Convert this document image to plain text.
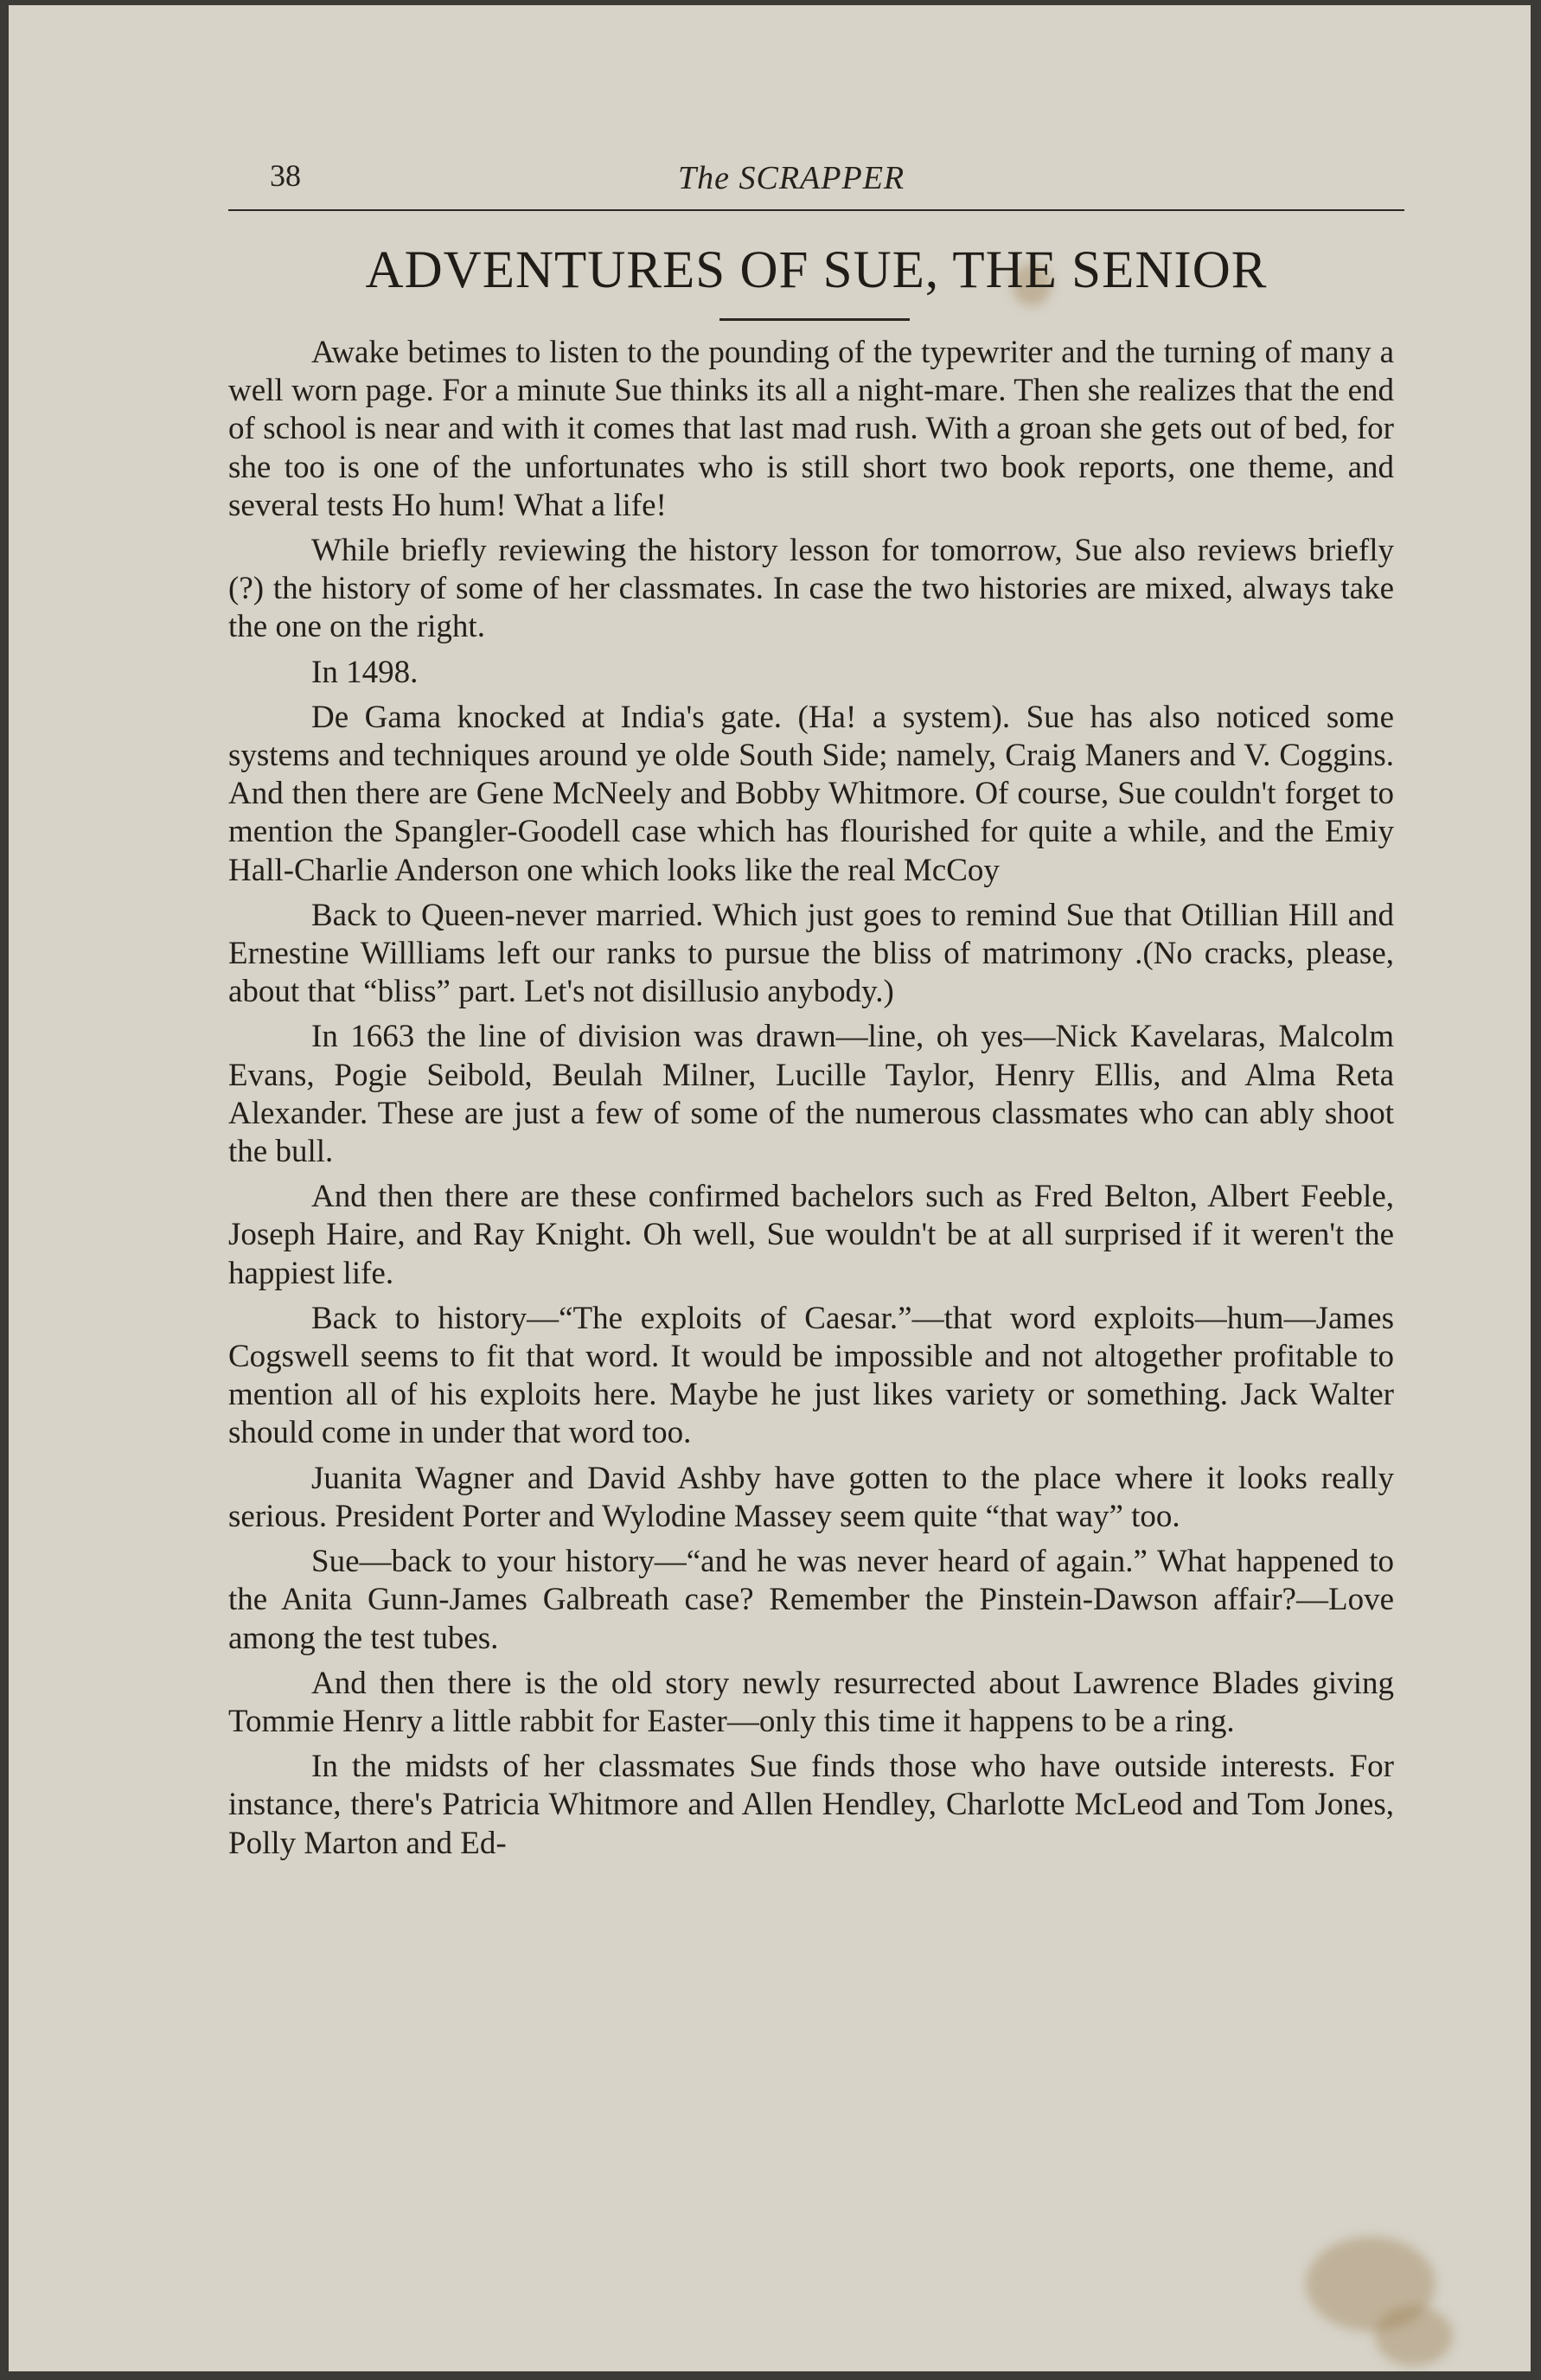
38	The SCRAPPER
ADVENTURES OF SUE, THE SENIOR

Awake betimes to listen to the pounding of the typewriter and the turning of many a well worn page. For a minute Sue thinks its all a night-mare. Then she realizes that the end of school is near and with it comes that last mad rush. With a groan she gets out of bed, for she too is one of the unfortunates who is still short two book reports, one theme, and several tests Ho hum! What a life!

While briefly reviewing the history lesson for tomorrow, Sue also reviews briefly (?) the history of some of her classmates. In case the two histories are mixed, always take the one on the right.

In 1498.

De Gama knocked at India's gate. (Ha! a system). Sue has also noticed some systems and techniques around ye olde South Side; namely, Craig Maners and V. Coggins. And then there are Gene McNeely and Bobby Whitmore. Of course, Sue couldn't forget to mention the Spangler-Goodell case which has flourished for quite a while, and the Emiy Hall-Charlie Anderson one which looks like the real McCoy

Back to Queen-never married. Which just goes to remind Sue that Otillian Hill and Ernestine Willliams left our ranks to pursue the bliss of matrimony .(No cracks, please, about that “bliss” part. Let's not disillusio anybody.)

In 1663 the line of division was drawn—line, oh yes—Nick Kavelaras, Malcolm Evans, Pogie Seibold, Beulah Milner, Lucille Taylor, Henry Ellis, and Alma Reta Alexander. These are just a few of some of the numerous classmates who can ably shoot the bull.

And then there are these confirmed bachelors such as Fred Belton, Albert Feeble, Joseph Haire, and Ray Knight. Oh well, Sue wouldn't be at all surprised if it weren't the happiest life.

Back to history—“The exploits of Caesar.”—that word exploits—hum—James Cogswell seems to fit that word. It would be impossible and not altogether profitable to mention all of his exploits here. Maybe he just likes variety or something. Jack Walter should come in under that word too.

Juanita Wagner and David Ashby have gotten to the place where it looks really serious. President Porter and Wylodine Massey seem quite “that way” too.

Sue—back to your history—“and he was never heard of again.” What happened to the Anita Gunn-James Galbreath case? Remember the Pinstein-Dawson affair?—Love among the test tubes.

And then there is the old story newly resurrected about Lawrence Blades giving Tommie Henry a little rabbit for Easter—only this time it happens to be a ring.

In the midsts of her classmates Sue finds those who have outside interests. For instance, there's Patricia Whitmore and Allen Hendley, Charlotte McLeod and Tom Jones, Polly Marton and Ed-
